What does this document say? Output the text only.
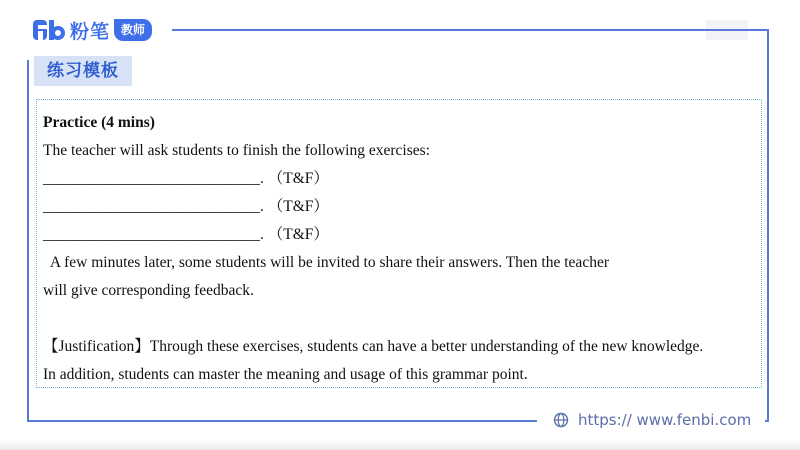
Fb
粉笔 教师
练习模板
Practice (4 mins)
The teacher will ask students to finish the following exercises:
____________________________. （T&F）
____________________________. （T&F）
____________________________. （T&F）
A few minutes later, some students will be invited to share their answers. Then the teacher
will give corresponding feedback.
【Justification】Through these exercises, students can have a better understanding of the new knowledge.
In addition, students can master the meaning and usage of this grammar point.
https:// www.fenbi.com
